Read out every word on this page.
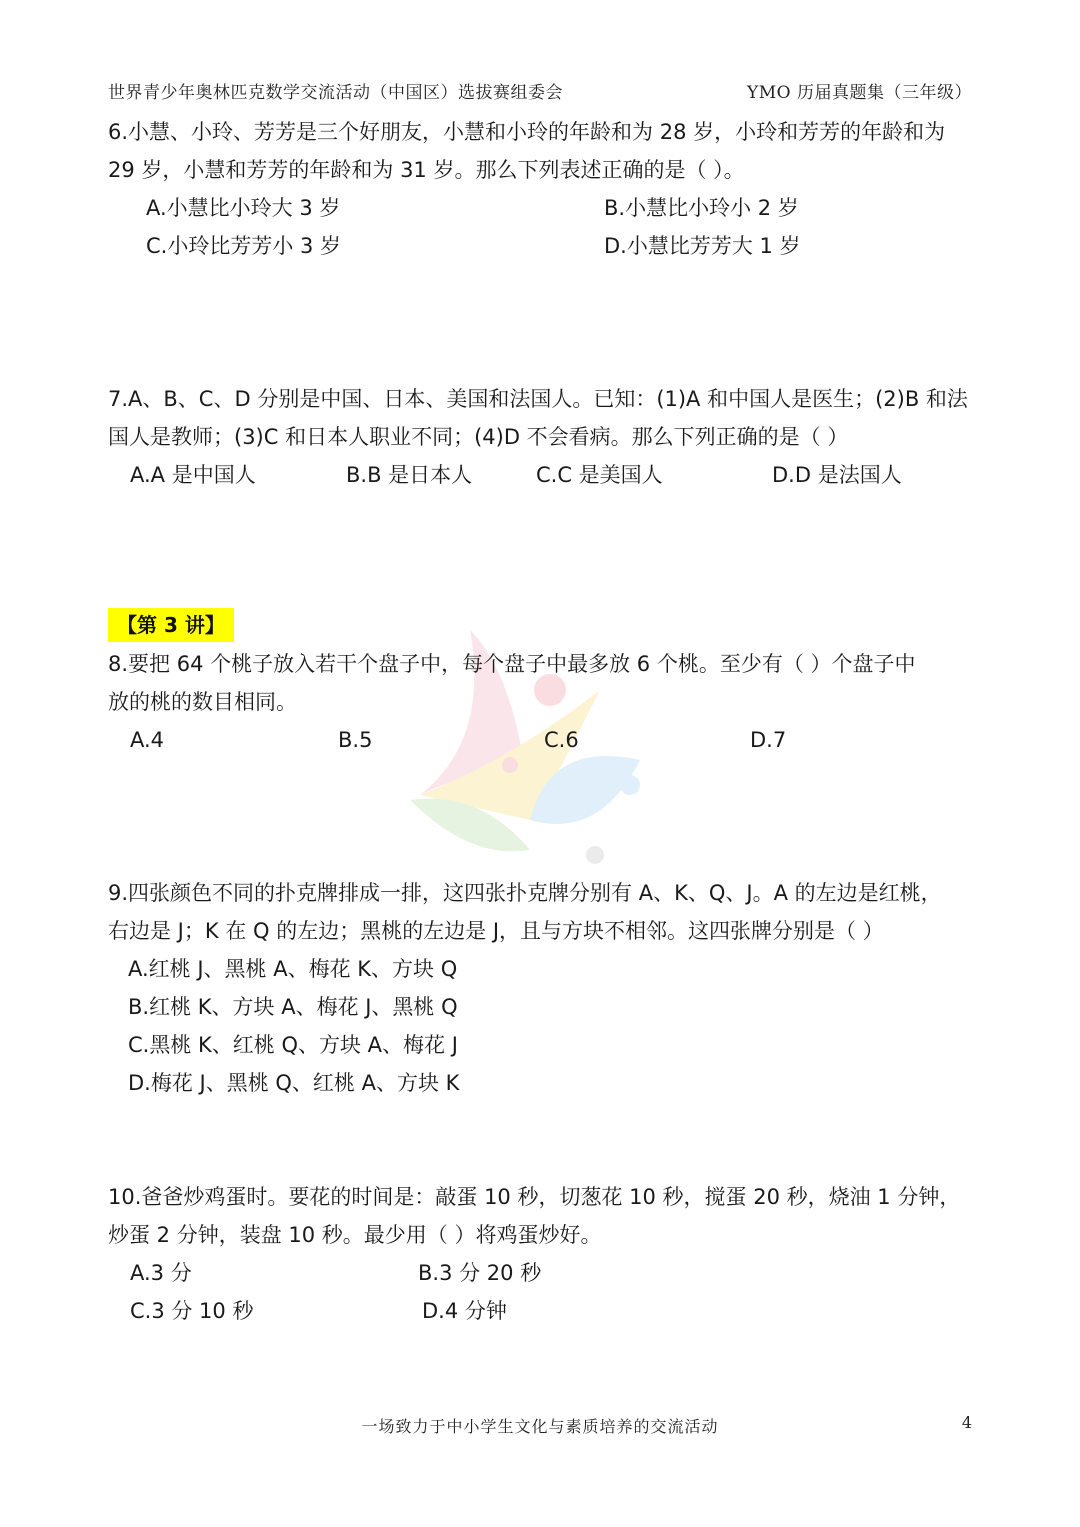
世界青少年奥林匹克数学交流活动（中国区）选拔赛组委会	YMO 历届真题集（三年级）
6.小慧、小玲、芳芳是三个好朋友，小慧和小玲的年龄和为 28 岁，小玲和芳芳的年龄和为
29 岁，小慧和芳芳的年龄和为 31 岁。那么下列表述正确的是（ ）。
A.小慧比小玲大 3 岁	B.小慧比小玲小 2 岁
C.小玲比芳芳小 3 岁	D.小慧比芳芳大 1 岁
7.A、B、C、D 分别是中国、日本、美国和法国人。已知：(1)A 和中国人是医生；(2)B 和法
国人是教师；(3)C 和日本人职业不同；(4)D 不会看病。那么下列正确的是（ ）
A.A 是中国人	B.B 是日本人	C.C 是美国人	D.D 是法国人
【第 3 讲】
8.要把 64 个桃子放入若干个盘子中，每个盘子中最多放 6 个桃。至少有（ ）个盘子中
放的桃的数目相同。
A.4	B.5	C.6	D.7
9.四张颜色不同的扑克牌排成一排，这四张扑克牌分别有 A、K、Q、J。A 的左边是红桃，
右边是 J；K 在 Q 的左边；黑桃的左边是 J，且与方块不相邻。这四张牌分别是（ ）
A.红桃 J、黑桃 A、梅花 K、方块 Q
B.红桃 K、方块 A、梅花 J、黑桃 Q
C.黑桃 K、红桃 Q、方块 A、梅花 J
D.梅花 J、黑桃 Q、红桃 A、方块 K
10.爸爸炒鸡蛋时。要花的时间是：敲蛋 10 秒，切葱花 10 秒，搅蛋 20 秒，烧油 1 分钟，
炒蛋 2 分钟，装盘 10 秒。最少用（ ）将鸡蛋炒好。
A.3 分	B.3 分 20 秒
C.3 分 10 秒	D.4 分钟
一场致力于中小学生文化与素质培养的交流活动	4
